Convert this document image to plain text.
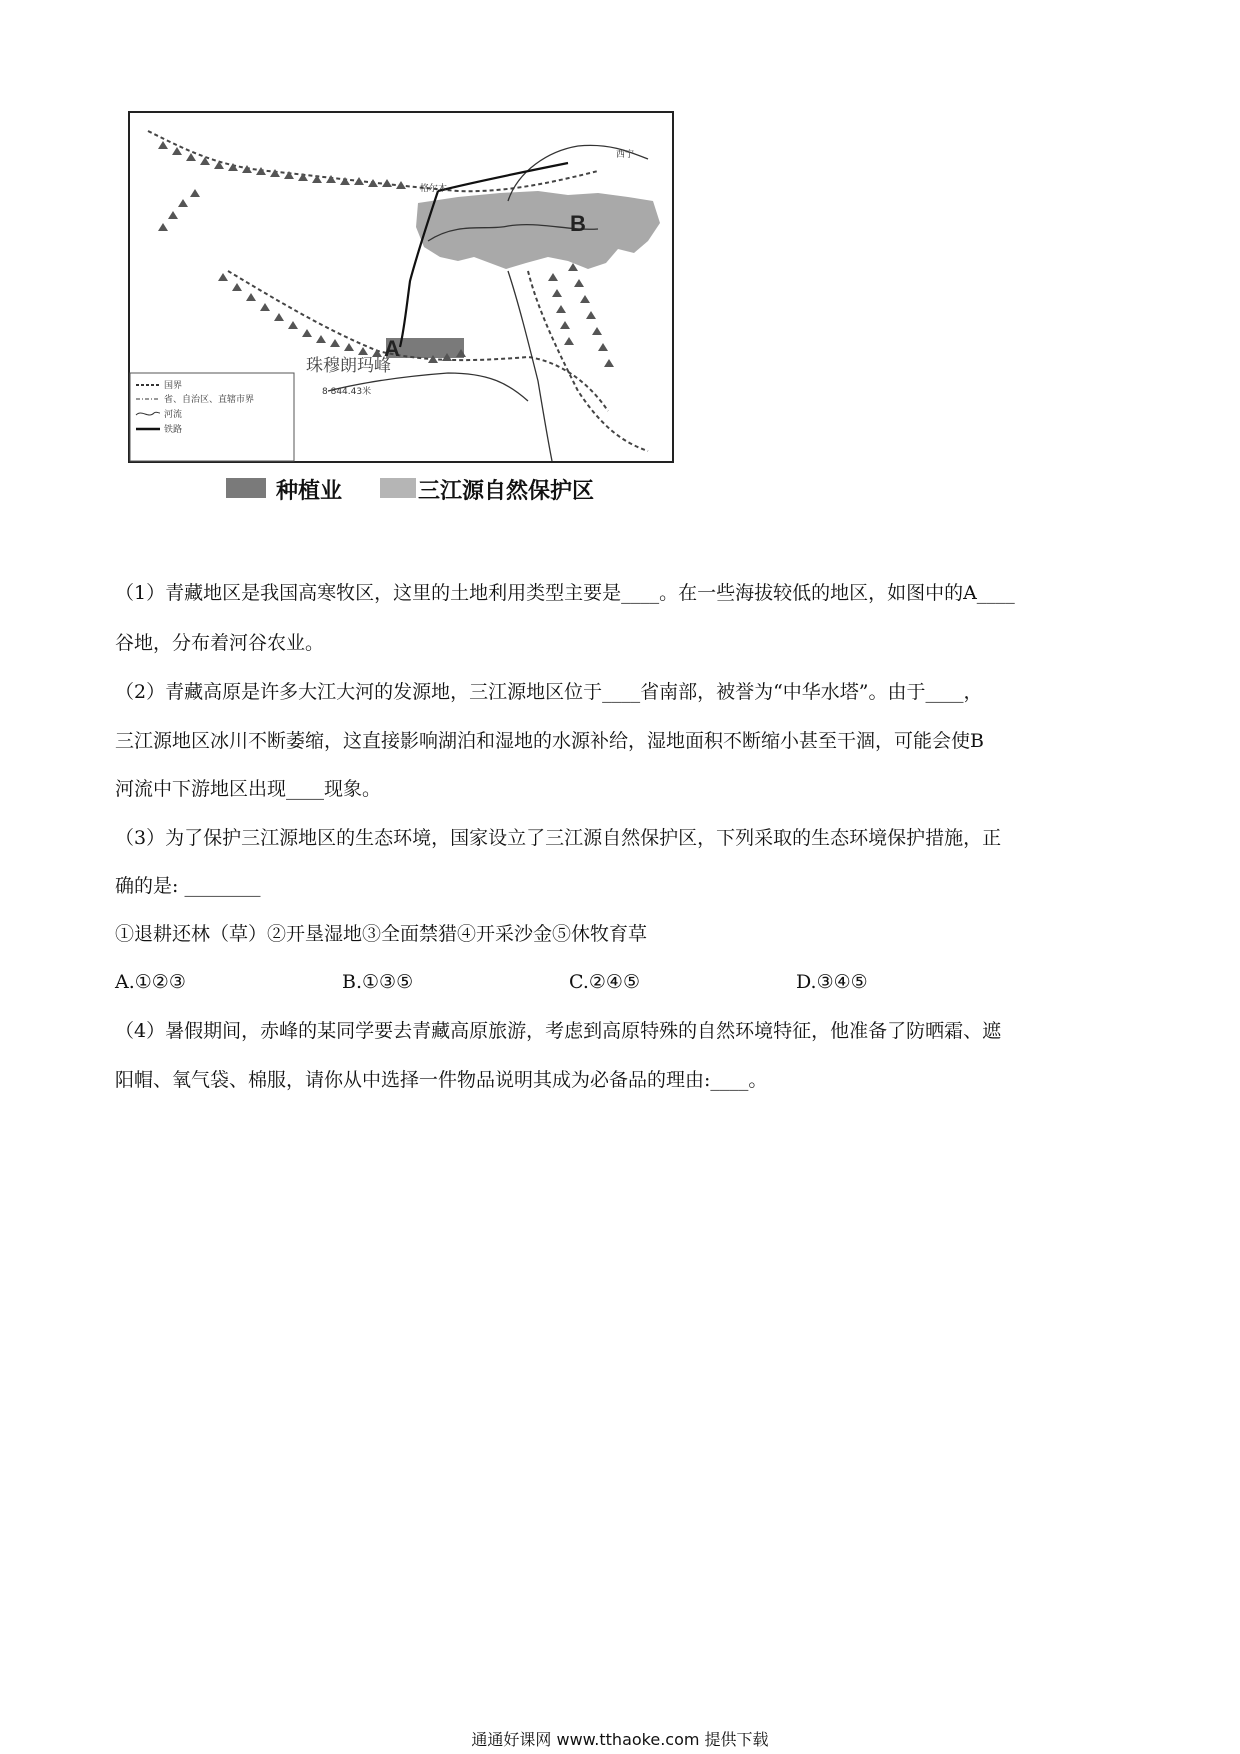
西宁
格尔木
A
B
珠穆朗玛峰
8 844.43米
国界
省、自治区、直辖市界
河流
铁路
种植业	三江源自然保护区
（1）青藏地区是我国高寒牧区，这里的土地利用类型主要是____。在一些海拔较低的地区，如图中的A____
谷地，分布着河谷农业。
（2）青藏高原是许多大江大河的发源地，三江源地区位于____省南部，被誉为“中华水塔”。由于____，
三江源地区冰川不断萎缩，这直接影响湖泊和湿地的水源补给，湿地面积不断缩小甚至干涸，可能会使B
河流中下游地区出现____现象。
（3）为了保护三江源地区的生态环境，国家设立了三江源自然保护区，下列采取的生态环境保护措施，正
确的是: ________
①退耕还林（草）②开垦湿地③全面禁猎④开采沙金⑤休牧育草
A.①②③	B.①③⑤	C.②④⑤	D.③④⑤
（4）暑假期间，赤峰的某同学要去青藏高原旅游，考虑到高原特殊的自然环境特征，他准备了防晒霜、遮
阳帽、氧气袋、棉服，请你从中选择一件物品说明其成为必备品的理由:____。
通通好课网 www.tthaoke.com 提供下载
